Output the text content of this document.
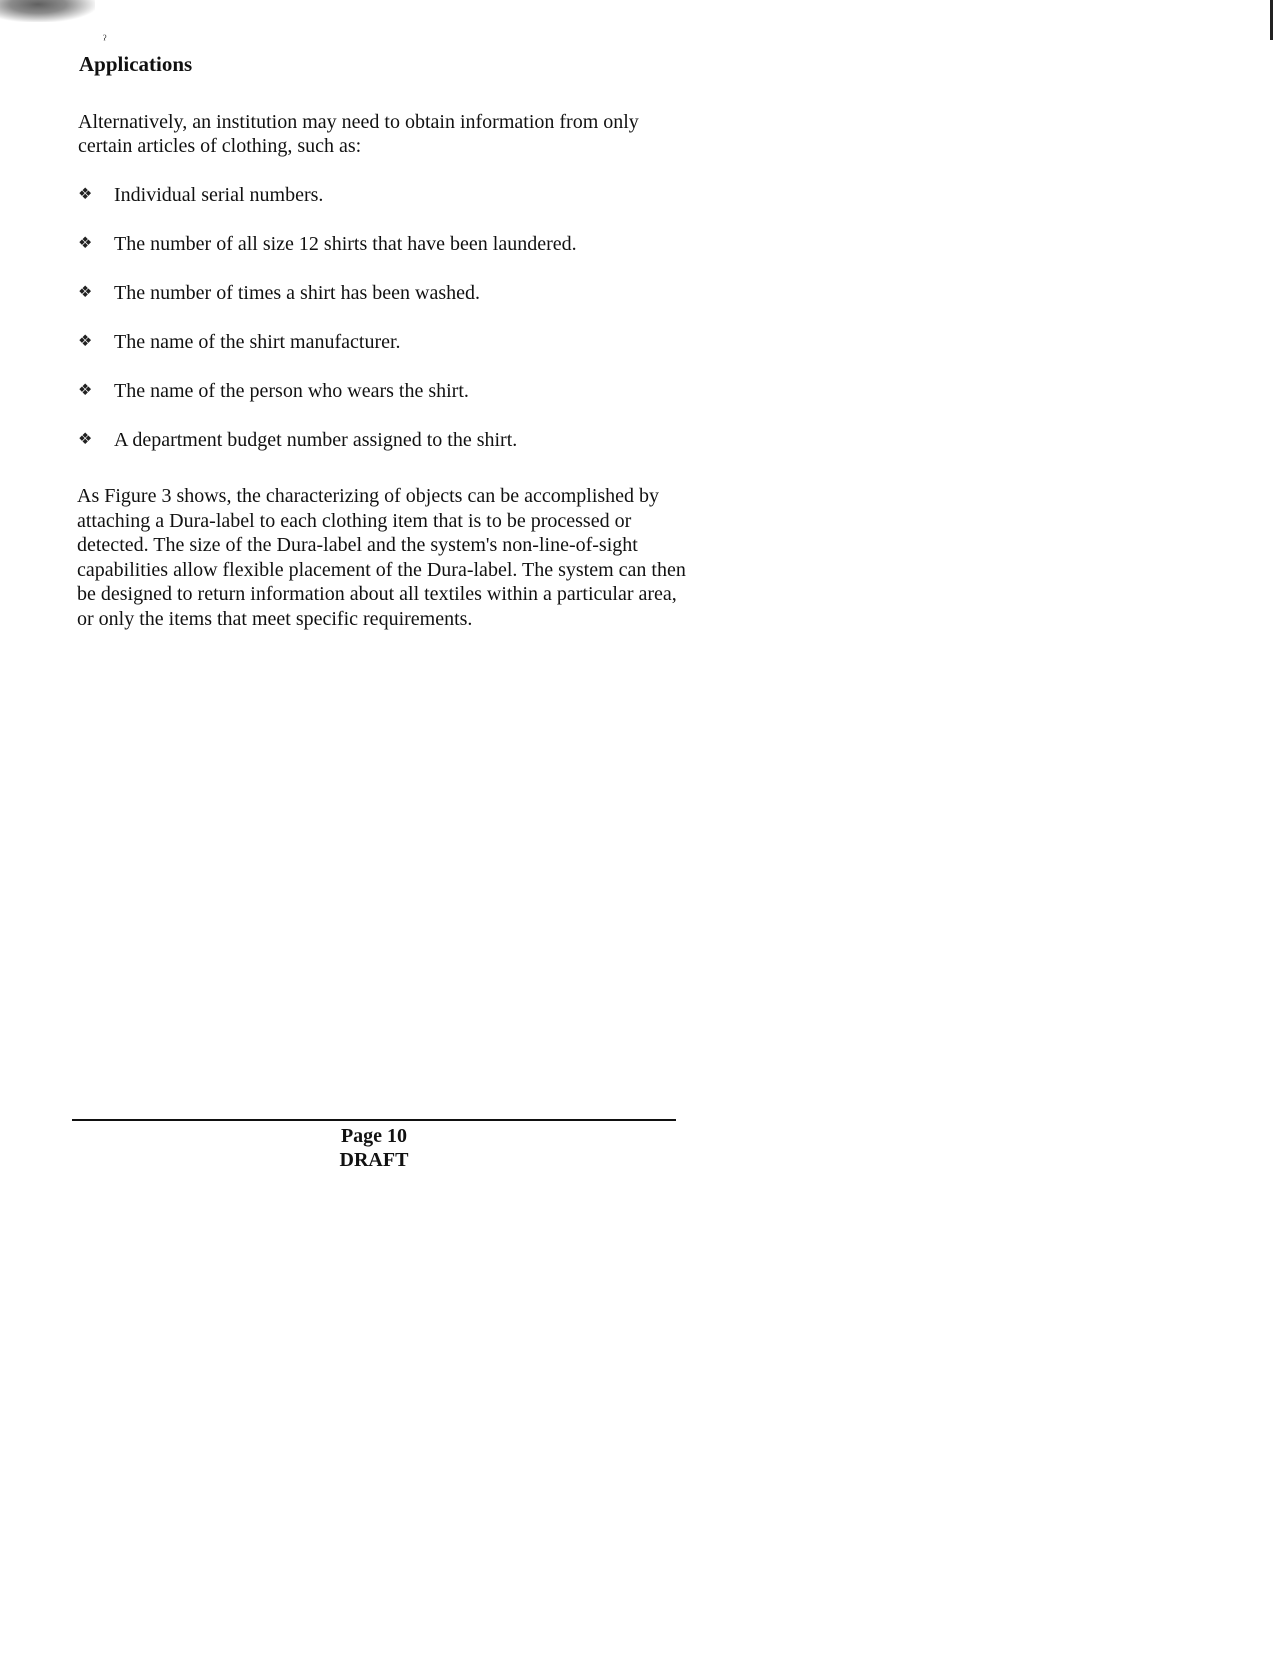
ˀ
Applications

Alternatively, an institution may need to obtain information from only certain articles of clothing, such as:

❖	Individual serial numbers.
❖	The number of all size 12 shirts that have been laundered.
❖	The number of times a shirt has been washed.
❖	The name of the shirt manufacturer.
❖	The name of the person who wears the shirt.
❖	A department budget number assigned to the shirt.

As Figure 3 shows, the characterizing of objects can be accomplished by attaching a Dura-label to each clothing item that is to be processed or detected. The size of the Dura-label and the system's non-line-of-sight capabilities allow flexible placement of the Dura-label. The system can then be designed to return information about all textiles within a particular area, or only the items that meet specific requirements.

Page 10
DRAFT
